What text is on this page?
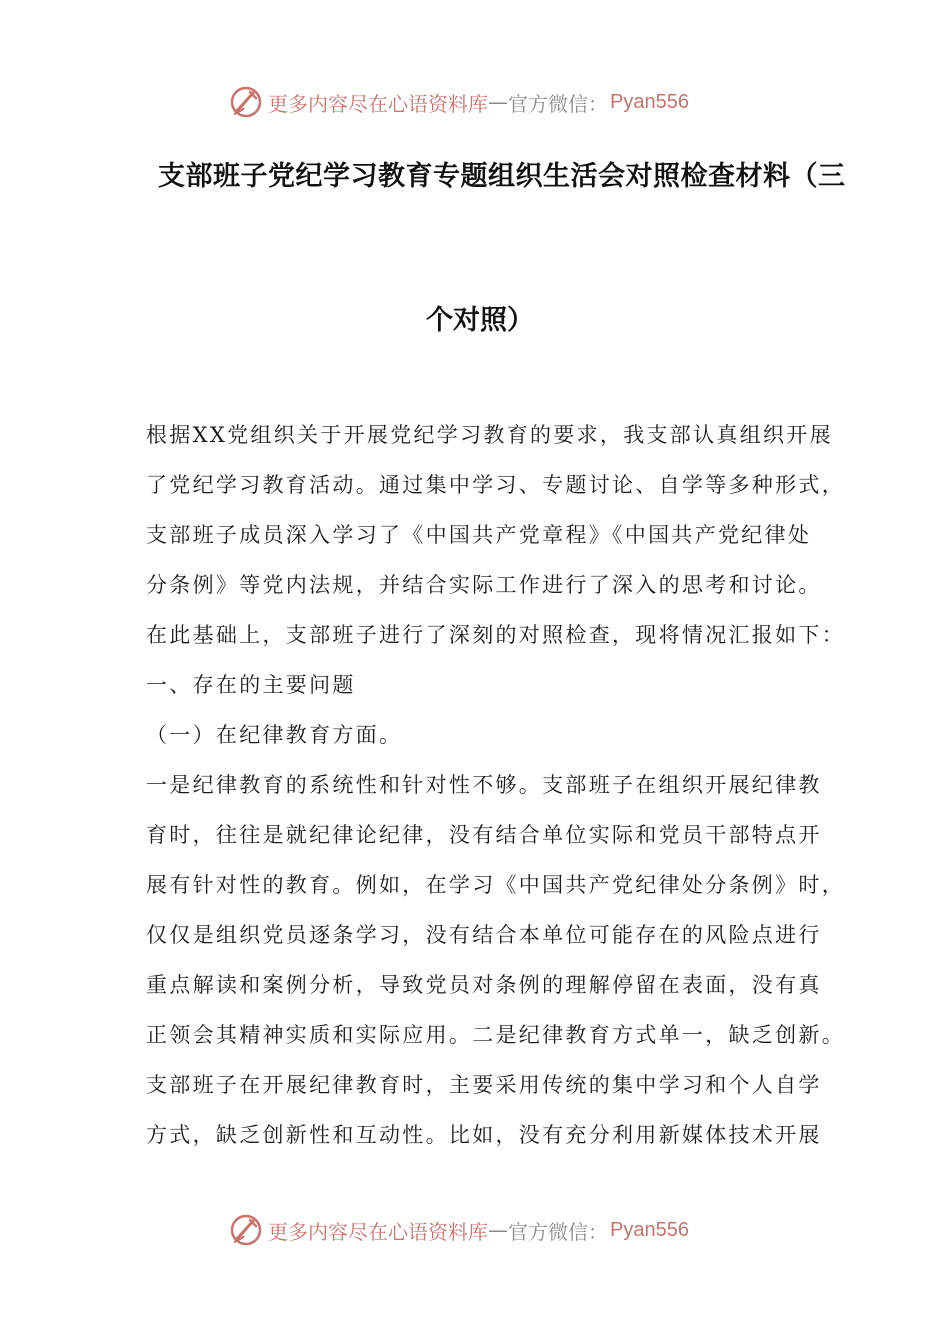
更多内容尽在心语资料库 — 官方微信： Pyan556
支部班子党纪学习教育专题组织生活会对照检查材料（三
个对照）
根据XX党组织关于开展党纪学习教育的要求，我支部认真组织开展
了党纪学习教育活动。通过集中学习、专题讨论、自学等多种形式，
支部班子成员深入学习了《中国共产党章程》《中国共产党纪律处
分条例》等党内法规，并结合实际工作进行了深入的思考和讨论。
在此基础上，支部班子进行了深刻的对照检查，现将情况汇报如下：
一、存在的主要问题
（一）在纪律教育方面。
一是纪律教育的系统性和针对性不够。支部班子在组织开展纪律教
育时，往往是就纪律论纪律，没有结合单位实际和党员干部特点开
展有针对性的教育。例如，在学习《中国共产党纪律处分条例》时，
仅仅是组织党员逐条学习，没有结合本单位可能存在的风险点进行
重点解读和案例分析，导致党员对条例的理解停留在表面，没有真
正领会其精神实质和实际应用。二是纪律教育方式单一，缺乏创新。
支部班子在开展纪律教育时，主要采用传统的集中学习和个人自学
方式，缺乏创新性和互动性。比如，没有充分利用新媒体技术开展
更多内容尽在心语资料库 — 官方微信： Pyan556
